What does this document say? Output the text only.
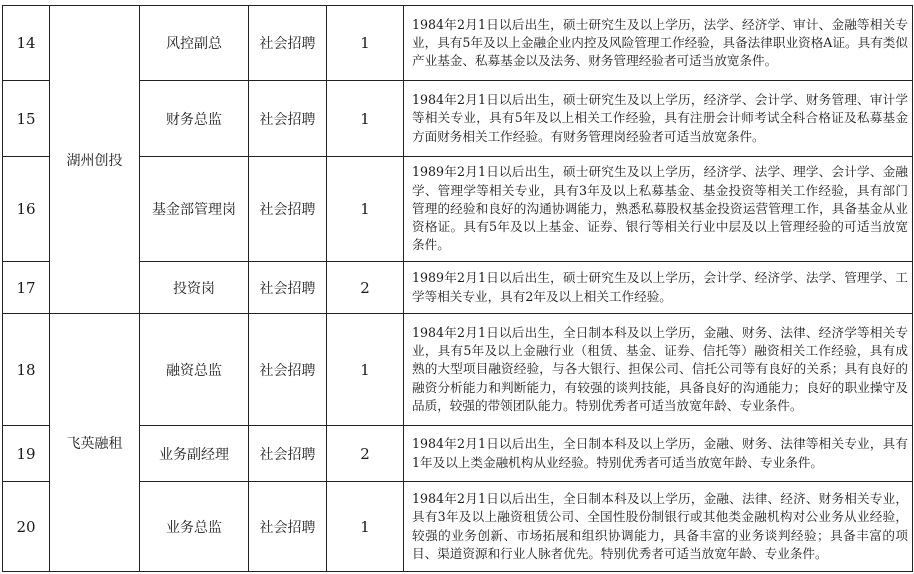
14	湖州创投	风控副总	社会招聘	1	1984年2月1日以后出生，硕士研究生及以上学历，法学、经济学、审计、金融等相关专业，具有5年及以上金融企业内控及风险管理工作经验，具备法律职业资格A证。具有类似产业基金、私募基金以及法务、财务管理经验者可适当放宽条件。
15		财务总监	社会招聘	1	1984年2月1日以后出生，硕士研究生及以上学历，经济学、会计学、财务管理、审计学等相关专业，具有5年及以上相关工作经验，具有注册会计师考试全科合格证及私募基金方面财务相关工作经验。有财务管理岗经验者可适当放宽条件。
16		基金部管理岗	社会招聘	1	1989年2月1日以后出生，硕士研究生及以上学历，经济学、法学、理学、会计学、金融学、管理学等相关专业，具有3年及以上私募基金、基金投资等相关工作经验，具有部门管理的经验和良好的沟通协调能力，熟悉私募股权基金投资运营管理工作，具备基金从业资格证。具有5年及以上基金、证券、银行等相关行业中层及以上管理经验的可适当放宽条件。
17		投资岗	社会招聘	2	1989年2月1日以后出生，硕士研究生及以上学历，会计学、经济学、法学、管理学、工学等相关专业，具有2年及以上相关工作经验。
18	飞英融租	融资总监	社会招聘	1	1984年2月1日以后出生，全日制本科及以上学历，金融、财务、法律、经济学等相关专业，具有5年及以上金融行业（租赁、基金、证券、信托等）融资相关工作经验，具有成熟的大型项目融资经验，与各大银行、担保公司、信托公司等有良好的关系；具有良好的融资分析能力和判断能力，有较强的谈判技能，具备良好的沟通能力；良好的职业操守及品质，较强的带领团队能力。特别优秀者可适当放宽年龄、专业条件。
19		业务副经理	社会招聘	2	1984年2月1日以后出生，全日制本科及以上学历，金融、财务、法律等相关专业，具有1年及以上类金融机构从业经验。特别优秀者可适当放宽年龄、专业条件。
20		业务总监	社会招聘	1	1984年2月1日以后出生，全日制本科及以上学历，金融、法律、经济、财务相关专业，具有3年及以上融资租赁公司、全国性股份制银行或其他类金融机构对公业务从业经验，较强的业务创新、市场拓展和组织协调能力，具备丰富的业务谈判经验；具备丰富的项目、渠道资源和行业人脉者优先。特别优秀者可适当放宽年龄、专业条件。
